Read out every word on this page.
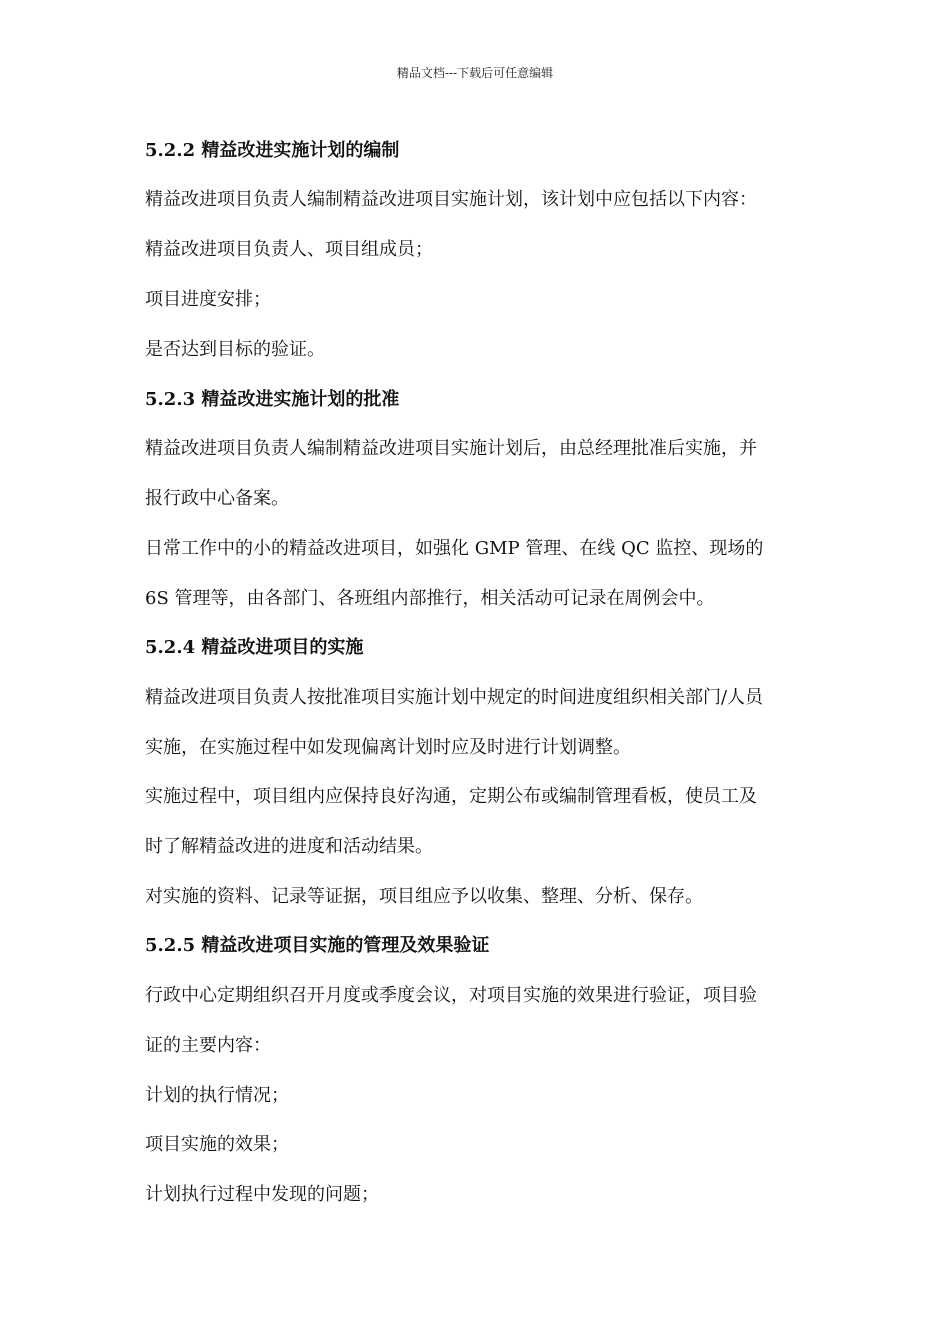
精品文档---下载后可任意编辑
5.2.2 精益改进实施计划的编制
精益改进项目负责人编制精益改进项目实施计划，该计划中应包括以下内容：
精益改进项目负责人、项目组成员；
项目进度安排；
是否达到目标的验证。
5.2.3 精益改进实施计划的批准
精益改进项目负责人编制精益改进项目实施计划后，由总经理批准后实施，并
报行政中心备案。
日常工作中的小的精益改进项目，如强化 GMP 管理、在线 QC 监控、现场的
6S 管理等，由各部门、各班组内部推行，相关活动可记录在周例会中。
5.2.4 精益改进项目的实施
精益改进项目负责人按批准项目实施计划中规定的时间进度组织相关部门/人员
实施，在实施过程中如发现偏离计划时应及时进行计划调整。
实施过程中，项目组内应保持良好沟通，定期公布或编制管理看板，使员工及
时了解精益改进的进度和活动结果。
对实施的资料、记录等证据，项目组应予以收集、整理、分析、保存。
5.2.5 精益改进项目实施的管理及效果验证
行政中心定期组织召开月度或季度会议，对项目实施的效果进行验证，项目验
证的主要内容：
计划的执行情况；
项目实施的效果；
计划执行过程中发现的问题；
